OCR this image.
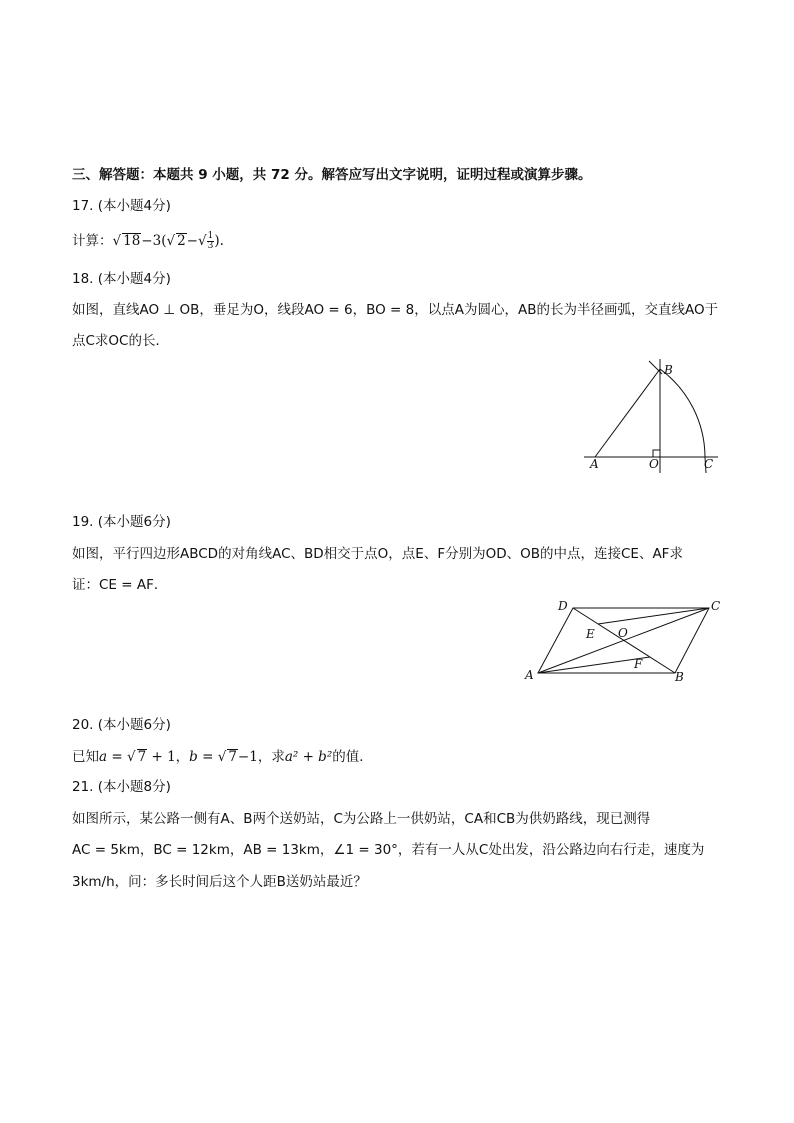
三、解答题：本题共 9 小题，共 72 分。解答应写出文字说明，证明过程或演算步骤。
17. (本小题4分)
计算：√ 18−3(√ $2-√ \frac{1}{3}$ ).
18. (本小题4分)
如图，直线AO ⊥ OB，垂足为O，线段AO = 6，BO = 8，以点A为圆心，AB的长为半径画弧，交直线AO于
点C求OC的长．
A	O
B
C
19. (本小题6分)
如图，平行四边形ABCD的对角线AC、BD相交于点O，点E、F分别为OD、OB的中点，连接CE、AF求
证：CE = AF．
D	C
E O
F
A	B
20. (本小题6分)
已知a = √ 7 + 1，b = √ 7−1，求a² + b²的值．
21. (本小题8分)
如图所示，某公路一侧有A、B两个送奶站，C为公路上一供奶站，CA和CB为供奶路线，现已测得
AC = 5km，BC = 12km，AB = 13km，∠1 = 30°，若有一人从C处出发，沿公路边向右行走，速度为
3km/h，问：多长时间后这个人距B送奶站最近？
